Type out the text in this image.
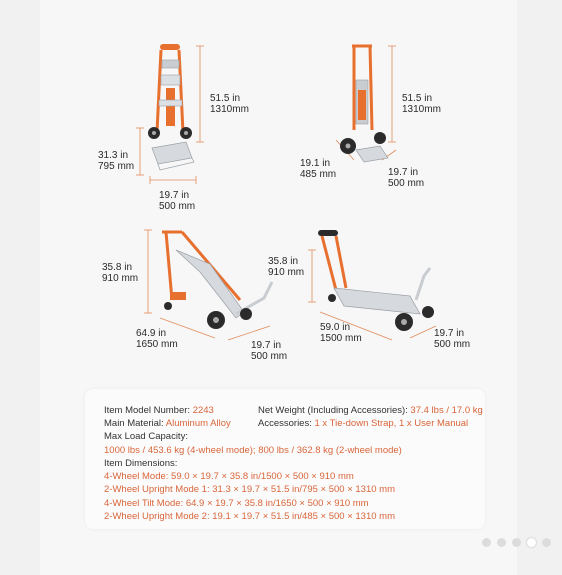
51.5 in
1310mm
31.3 in
795 mm
19.7 in
500 mm
51.5 in
1310mm
19.1 in
485 mm	19.7 in
500 mm
35.8 in
910 mm
64.9 in
1650 mm	19.7 in
500 mm
35.8 in
910 mm
59.0 in
1500 mm	19.7 in
500 mm
Item Model Number: 2243	Net Weight (Including Accessories): 37.4 lbs / 17.0 kg
Main Material: Aluminum Alloy	Accessories: 1 x Tie-down Strap, 1 x User Manual
Max Load Capacity:
1000 lbs / 453.6 kg (4-wheel mode); 800 lbs / 362.8 kg (2-wheel mode)
Item Dimensions:
4-Wheel Mode: 59.0 × 19.7 × 35.8 in/1500 × 500 × 910 mm
2-Wheel Upright Mode 1: 31.3 × 19.7 × 51.5 in/795 × 500 × 1310 mm
4-Wheel Tilt Mode: 64.9 × 19.7 × 35.8 in/1650 × 500 × 910 mm
2-Wheel Upright Mode 2: 19.1 × 19.7 × 51.5 in/485 × 500 × 1310 mm
